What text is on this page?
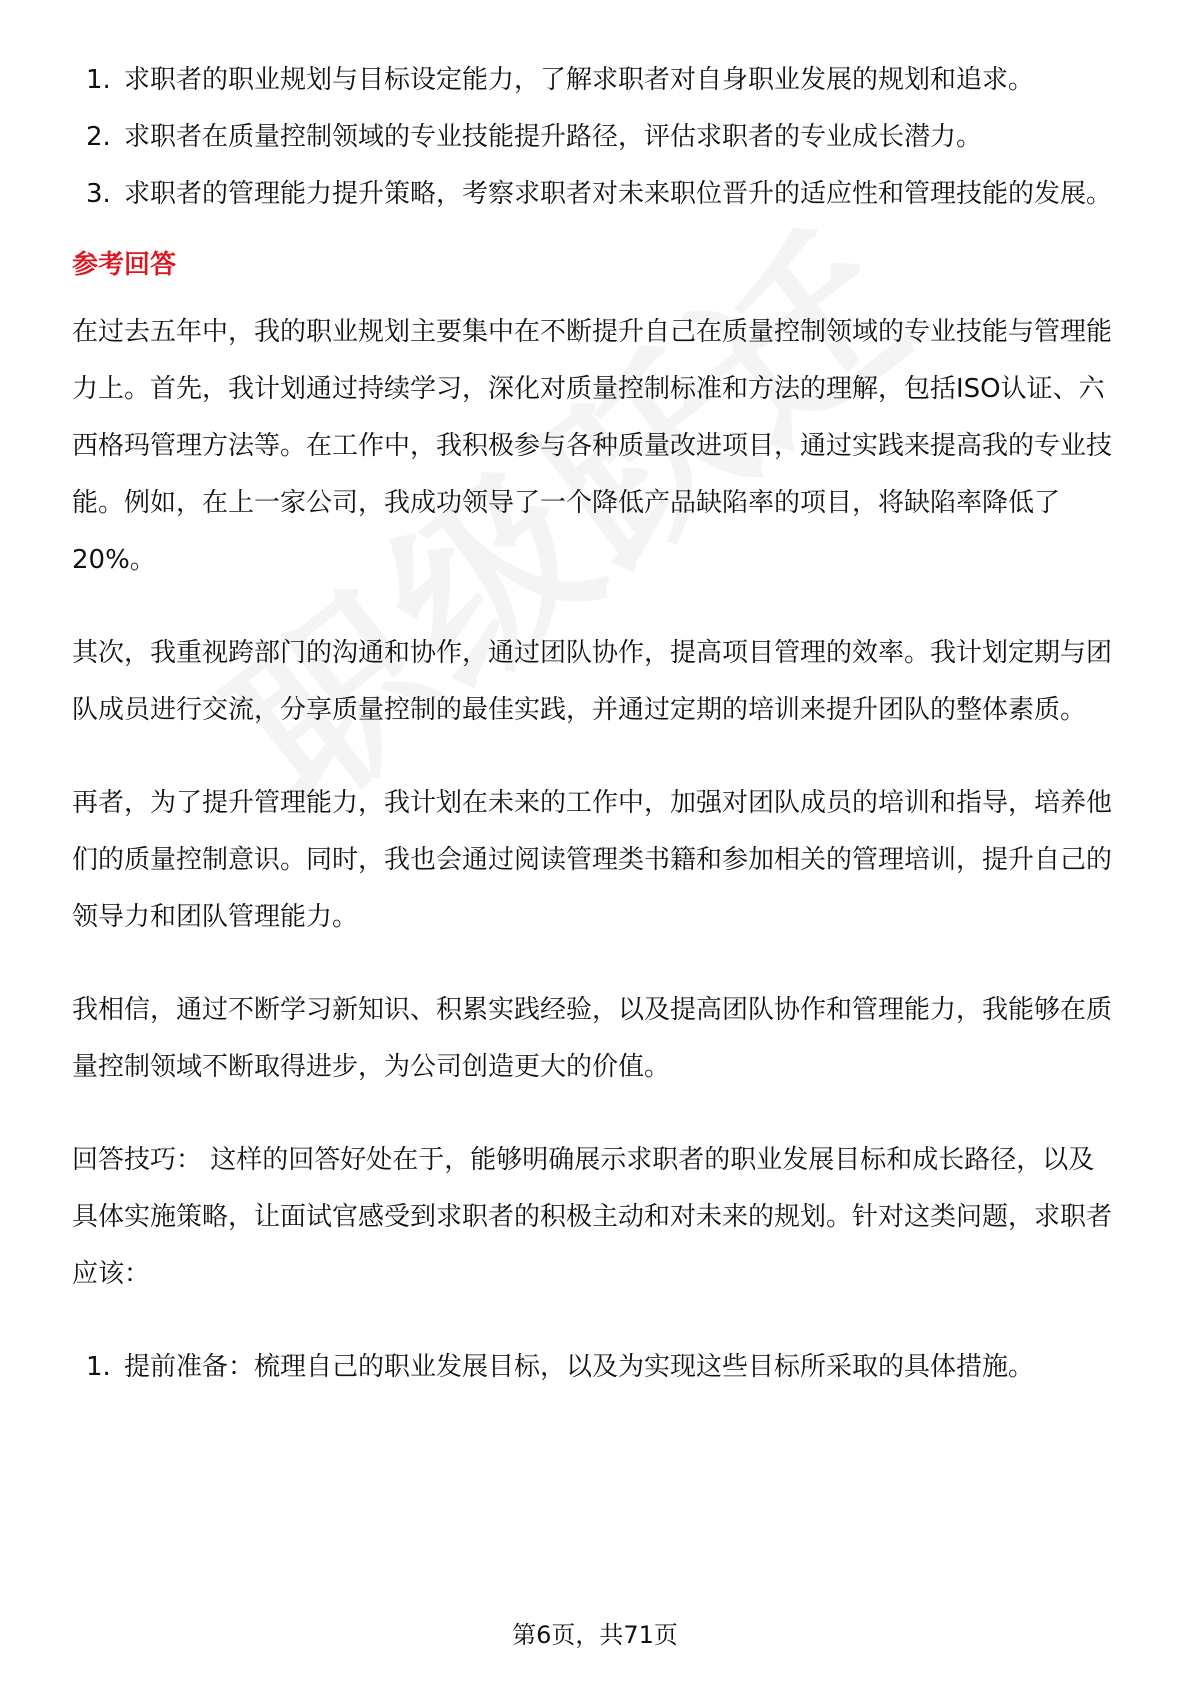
1. 求职者的职业规划与目标设定能力，了解求职者对自身职业发展的规划和追求。
2. 求职者在质量控制领域的专业技能提升路径，评估求职者的专业成长潜力。
3. 求职者的管理能力提升策略，考察求职者对未来职位晋升的适应性和管理技能的发展。
参考回答

在过去五年中，我的职业规划主要集中在不断提升自己在质量控制领域的专业技能与管理能力上。首先，我计划通过持续学习，深化对质量控制标准和方法的理解，包括ISO认证、六西格玛管理方法等。在工作中，我积极参与各种质量改进项目，通过实践来提高我的专业技能。例如，在上一家公司，我成功领导了一个降低产品缺陷率的项目，将缺陷率降低了20%。

其次，我重视跨部门的沟通和协作，通过团队协作，提高项目管理的效率。我计划定期与团队成员进行交流，分享质量控制的最佳实践，并通过定期的培训来提升团队的整体素质。

再者，为了提升管理能力，我计划在未来的工作中，加强对团队成员的培训和指导，培养他们的质量控制意识。同时，我也会通过阅读管理类书籍和参加相关的管理培训，提升自己的领导力和团队管理能力。

我相信，通过不断学习新知识、积累实践经验，以及提高团队协作和管理能力，我能够在质量控制领域不断取得进步，为公司创造更大的价值。

回答技巧： 这样的回答好处在于，能够明确展示求职者的职业发展目标和成长路径，以及具体实施策略，让面试官感受到求职者的积极主动和对未来的规划。针对这类问题，求职者应该：

1. 提前准备：梳理自己的职业发展目标，以及为实现这些目标所采取的具体措施。
第6页，共71页
